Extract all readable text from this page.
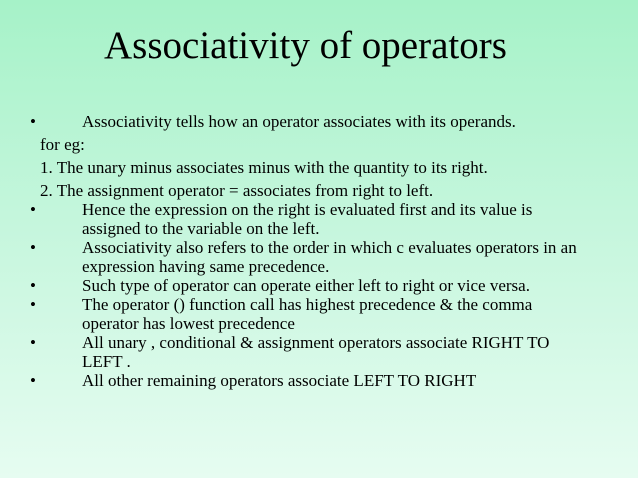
Associativity of operators
•	Associativity tells how an operator associates with its operands.
for eg:
1. The unary minus associates minus with the quantity to its right.
2. The assignment operator = associates from right to left.
•	Hence the expression on the right is evaluated first and its value is
assigned to the variable on the left.
•	Associativity also refers to the order in which c evaluates operators in an
expression having same precedence.
•	Such type of operator can operate either left to right or vice versa.
•	The operator () function call has highest precedence & the comma
operator has lowest precedence
•	All unary , conditional & assignment operators associate RIGHT TO
LEFT .
•	All other remaining operators associate LEFT TO RIGHT
